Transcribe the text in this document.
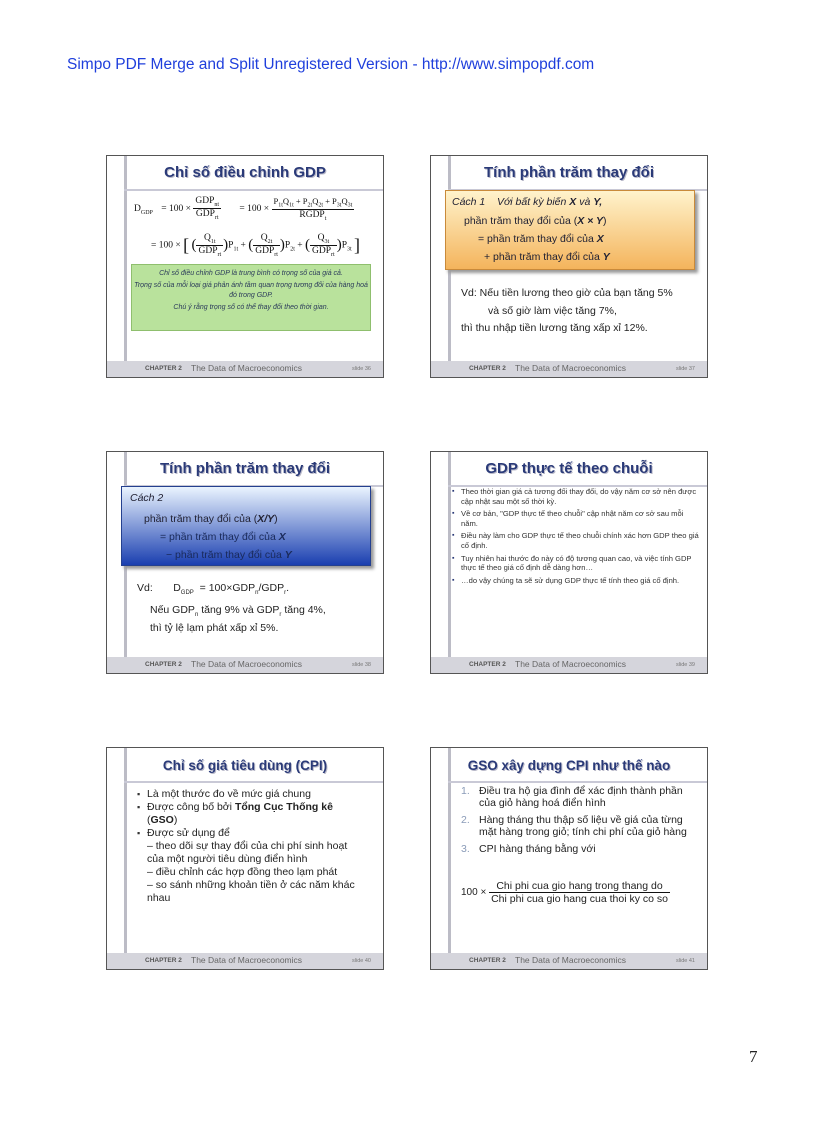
Simpo PDF Merge and Split Unregistered Version - http://www.simpopdf.com
Chỉ số điều chỉnh GDP
$D_{GDP} = 100 \times \frac{GDP_{nt}}{GDP_{rt}} = 100 \times \frac{P_{1t}Q_{1t} + P_{2t}Q_{2t} + P_{3t}Q_{3t}}{RGDP_t}$
= 100 × [ ( $\frac{Q_{1t}}{GDP_{rt}} )P_{1t}$ + ( $\frac{Q_{2t}}{GDP_{rt}} )P_{2t}$ + ( $\frac{Q_{3t}}{GDP_{rt}} )P_{3t}$ ]

Chỉ số điều chỉnh GDP là trung bình có trọng số của giá cả.

Trọng số của mỗi loại giá phản ánh tầm quan trọng tương đối của hàng hoá đó trong GDP.

Chú ý rằng trọng số có thể thay đổi theo thời gian.

CHAPTER 2 The Data of Macroeconomics	slide 36
Tính phần trăm thay đổi
Cách 1 Với bất kỳ biến X và Y,
phần trăm thay đổi của (X × Y)
= phần trăm thay đổi của X
+ phần trăm thay đổi của Y
Vd: Nếu tiền lương theo giờ của bạn tăng 5%
và số giờ làm việc tăng 7%,
thì thu nhập tiền lương tăng xấp xỉ 12%.
CHAPTER 2 The Data of Macroeconomics	slide 37
Tính phần trăm thay đổi
Cách 2
phần trăm thay đổi của (X/Y)
= phần trăm thay đổi của X
− phần trăm thay đổi của Y
Vd: $D_{GDP} = 100\times GDP_n/GDP_r$.
Nếu $GDP_n$ tăng 9% và $GDP_r$ tăng 4%,
thì tỷ lệ lạm phát xấp xỉ 5%.
CHAPTER 2 The Data of Macroeconomics	slide 38
GDP thực tế theo chuỗi
▪ Theo thời gian giá cả tương đối thay đổi, do vậy năm cơ sở nên được cập nhật sau một số thời kỳ.
▪ Về cơ bản, "GDP thực tế theo chuỗi" cập nhật năm cơ sở sau mỗi năm.
▪ Điều này làm cho GDP thực tế theo chuỗi chính xác hơn GDP theo giá cố định.
▪ Tuy nhiên hai thước đo này có độ tương quan cao, và việc tính GDP thực tế theo giá cố định dễ dàng hơn…
▪ …do vậy chúng ta sẽ sử dụng GDP thực tế tính theo giá cố định.
CHAPTER 2 The Data of Macroeconomics	slide 39
Chỉ số giá tiêu dùng (CPI)
▪ Là một thước đo về mức giá chung
▪ Được công bố bởi Tổng Cục Thống kê
(GSO)
▪ Được sử dụng để
– theo dõi sự thay đổi của chi phí sinh hoạt của một người tiêu dùng điển hình
– điều chỉnh các hợp đồng theo lạm phát
– so sánh những khoản tiền ở các năm khác nhau
CHAPTER 2 The Data of Macroeconomics	slide 40
GSO xây dựng CPI như thế nào
1. Điều tra hộ gia đình để xác định thành phần của giỏ hàng hoá điển hình
2. Hàng tháng thu thập số liệu về giá của từng mặt hàng trong giỏ; tính chi phí của giỏ hàng
3. CPI hàng tháng bằng với
$100 \times \frac{\text{Chi phi cua gio hang trong thang do}}{\text{Chi phi cua gio hang cua thoi ky co so}}$
CHAPTER 2 The Data of Macroeconomics	slide 41
7
